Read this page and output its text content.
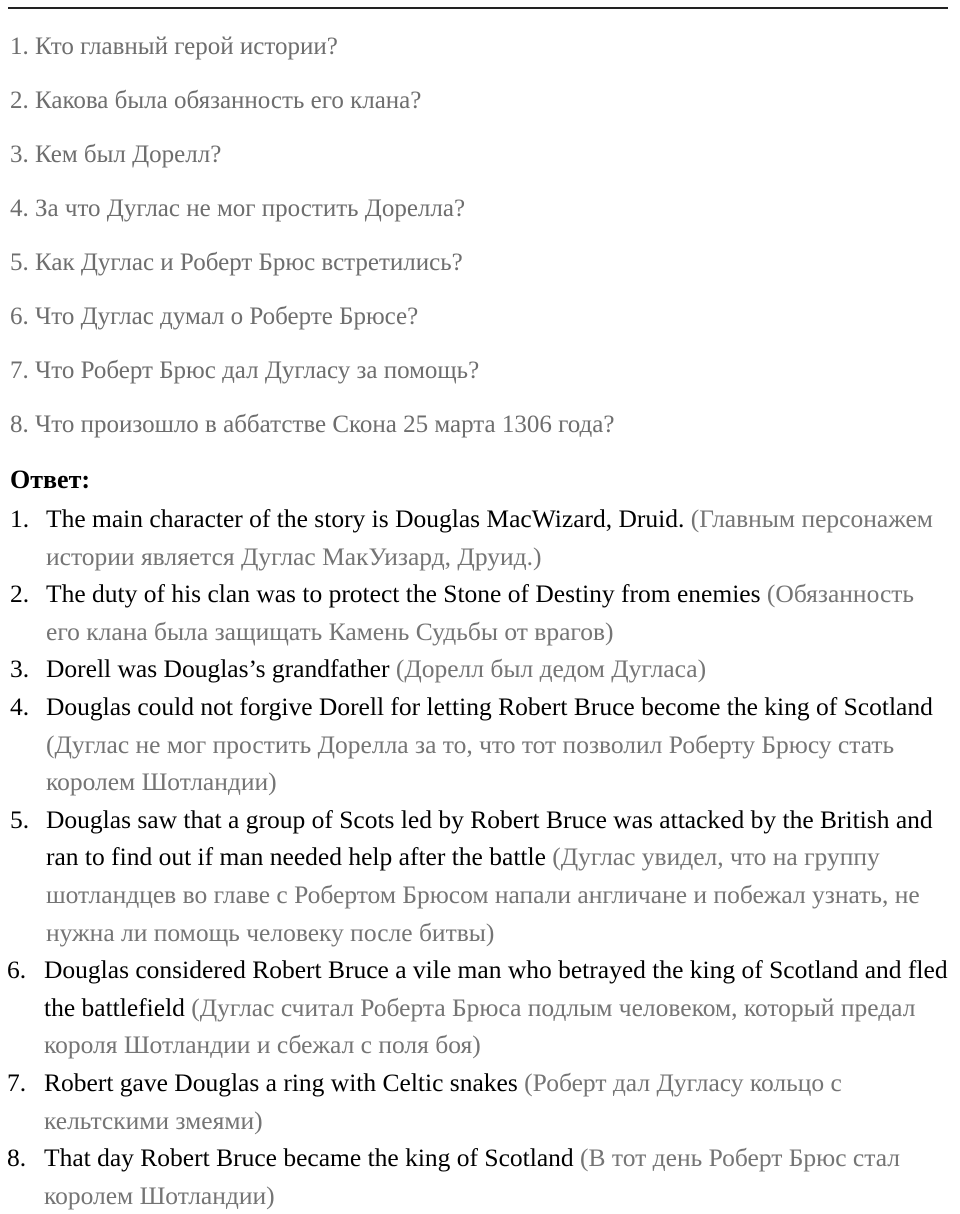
1. Кто главный герой истории?
2. Какова была обязанность его клана?
3. Кем был Дорелл?
4. За что Дуглас не мог простить Дорелла?
5. Как Дуглас и Роберт Брюс встретились?
6. Что Дуглас думал о Роберте Брюсе?
7. Что Роберт Брюс дал Дугласу за помощь?
8. Что произошло в аббатстве Скона 25 марта 1306 года?
Ответ:
1. The main character of the story is Douglas MacWizard, Druid. (Главным персонажем истории является Дуглас МакУизард, Друид.)
2. The duty of his clan was to protect the Stone of Destiny from enemies (Обязанность его клана была защищать Камень Судьбы от врагов)
3. Dorell was Douglas’s grandfather (Дорелл был дедом Дугласа)
4. Douglas could not forgive Dorell for letting Robert Bruce become the king of Scotland (Дуглас не мог простить Дорелла за то, что тот позволил Роберту Брюсу стать королем Шотландии)
5. Douglas saw that a group of Scots led by Robert Bruce was attacked by the British and ran to find out if man needed help after the battle (Дуглас увидел, что на группу шотландцев во главе с Робертом Брюсом напали англичане и побежал узнать, не нужна ли помощь человеку после битвы)
6. Douglas considered Robert Bruce a vile man who betrayed the king of Scotland and fled the battlefield (Дуглас считал Роберта Брюса подлым человеком, который предал короля Шотландии и сбежал с поля боя)
7. Robert gave Douglas a ring with Celtic snakes (Роберт дал Дугласу кольцо с кельтскими змеями)
8. That day Robert Bruce became the king of Scotland (В тот день Роберт Брюс стал королем Шотландии)
